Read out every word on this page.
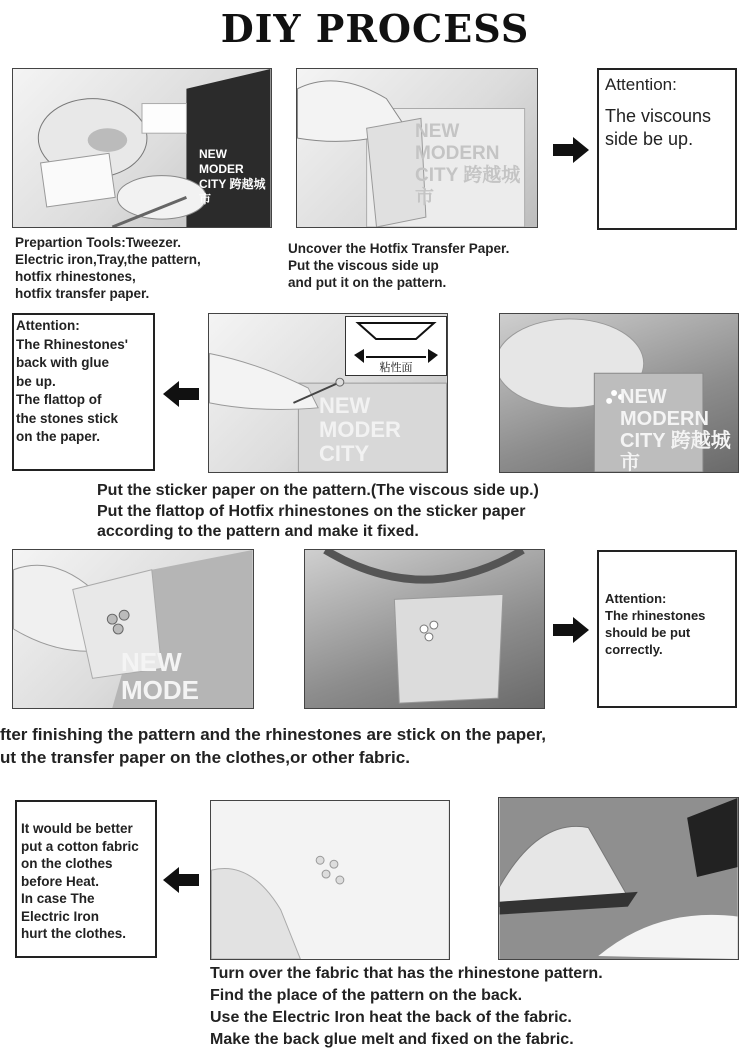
DIY PROCESS
NEW MODER CITY 跨越城市
NEW MODERN CITY 跨越城市
Attention:
The viscouns
side be up.
Prepartion Tools:Tweezer.
Electric iron,Tray,the pattern,
hotfix rhinestones,
hotfix transfer paper.
Uncover the Hotfix Transfer Paper.
Put the viscous side up
and put it on the pattern.
Attention:
The Rhinestones'
back with glue
be up.
The flattop of
the stones stick
on the paper.
粘性面
NEW MODER CITY
NEW MODERN CITY 跨越城市
Put the sticker paper on the pattern.(The viscous side up.)
Put the flattop of Hotfix rhinestones on the sticker paper
according to the pattern and make it fixed.
NEW MODE
Attention:
The rhinestones
should be put
correctly.
fter finishing the pattern and the rhinestones are stick on the paper,
ut the transfer paper on the clothes,or other fabric.
It would be better
put a cotton fabric
on the clothes
before Heat.
In case The
Electric Iron
hurt the clothes.
Turn over the fabric that has the rhinestone pattern.
Find the place of the pattern on the back.
Use the Electric Iron heat the back of the fabric.
Make the back glue melt and fixed on the fabric.
